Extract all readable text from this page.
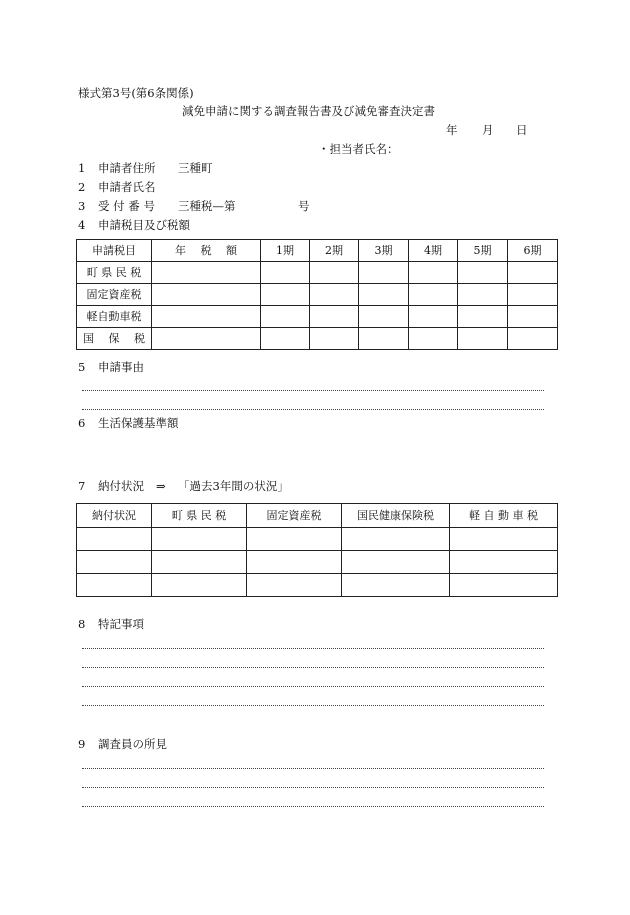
様式第3号(第6条関係)
減免申請に関する調査報告書及び減免審査決定書
年 月 日
・担当者氏名：
1 申請者住所 三種町
2 申請者氏名
3 受 付 番 号 三種税—第	号
4 申請税目及び税額
申請税目	年　 税　 額	1期	2期	3期	4期	5期	6期
町 県 民 税							
固定資産税							
軽自動車税							
国　 保　 税							
5 申請事由
6 生活保護基準額
7 納付状況 ⇒ 「過去3年間の状況」
納付状況	町 県 民 税	固定資産税	国民健康保険税	軽 自 動 車 税

8 特記事項
9 調査員の所見
